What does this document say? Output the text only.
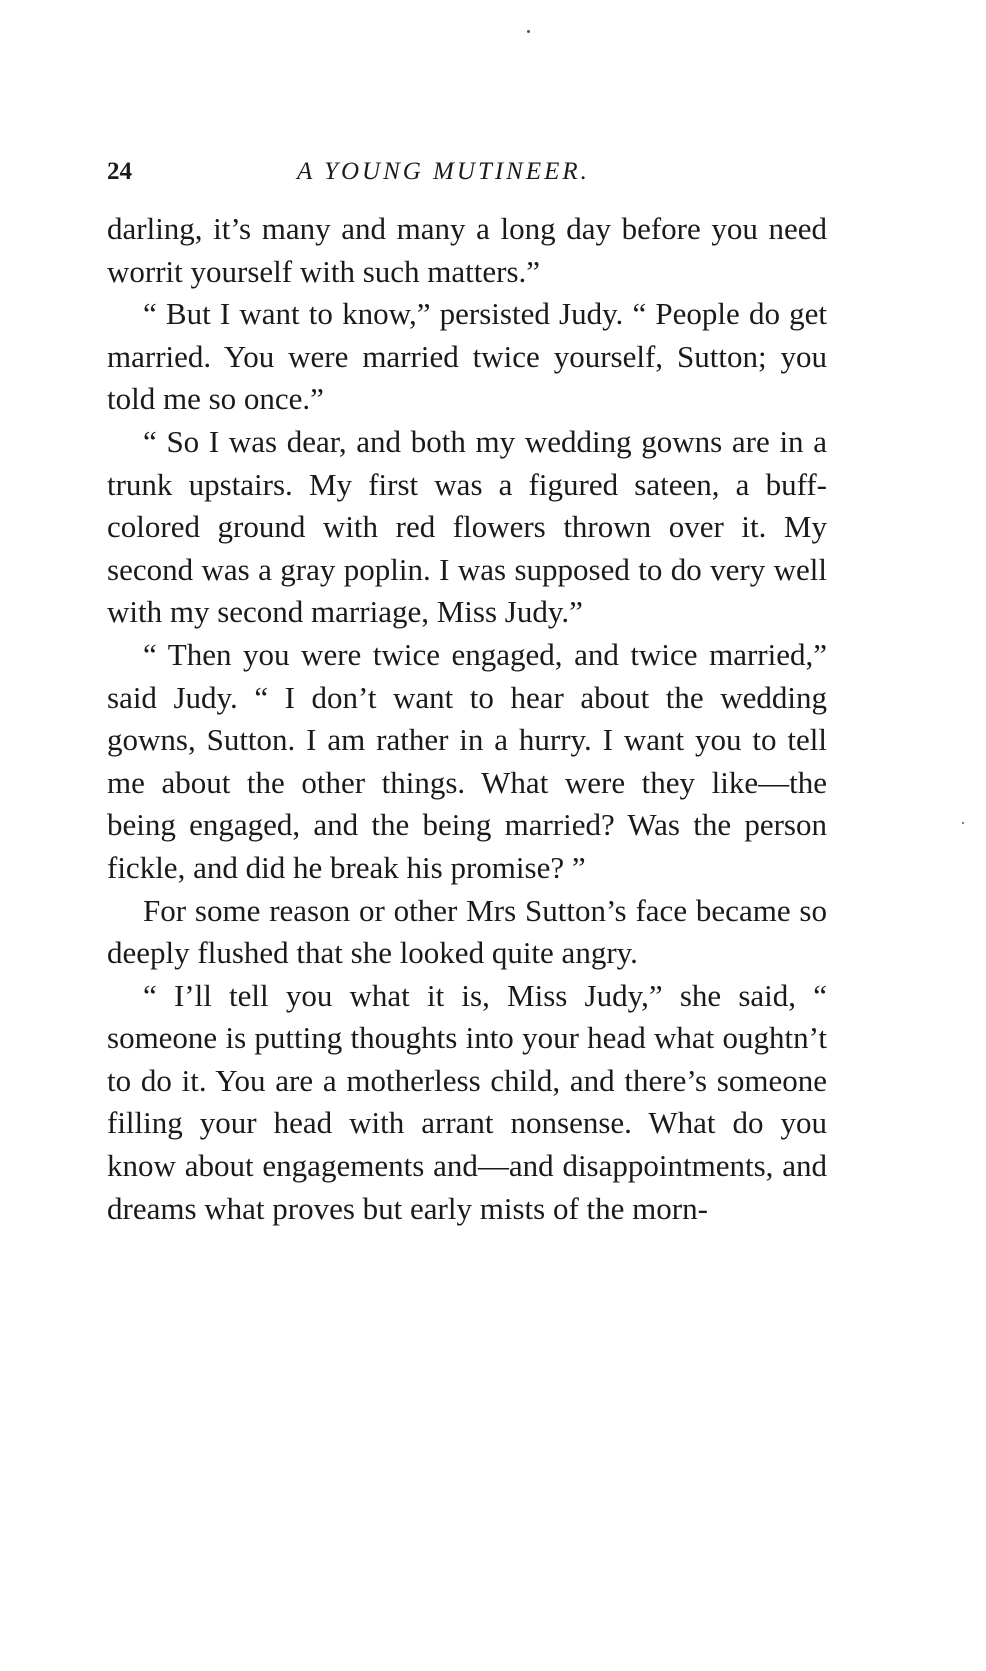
24	A YOUNG MUTINEER.

darling, it’s many and many a long day before you need worrit yourself with such matters.”

“ But I want to know,” persisted Judy. “ People do get married. You were married twice yourself, Sutton; you told me so once.”

“ So I was dear, and both my wedding gowns are in a trunk upstairs. My first was a figured sateen, a buff-colored ground with red flowers thrown over it. My second was a gray poplin. I was supposed to do very well with my second marriage, Miss Judy.”

“ Then you were twice engaged, and twice married,” said Judy. “ I don’t want to hear about the wedding gowns, Sutton. I am rather in a hurry. I want you to tell me about the other things. What were they like—the being engaged, and the being married? Was the person fickle, and did he break his promise? ”

For some reason or other Mrs Sutton’s face became so deeply flushed that she looked quite angry.

“ I’ll tell you what it is, Miss Judy,” she said, “ someone is putting thoughts into your head what oughtn’t to do it. You are a motherless child, and there’s someone filling your head with arrant nonsense. What do you know about engagements and—and disappointments, and dreams what proves but early mists of the morn-
